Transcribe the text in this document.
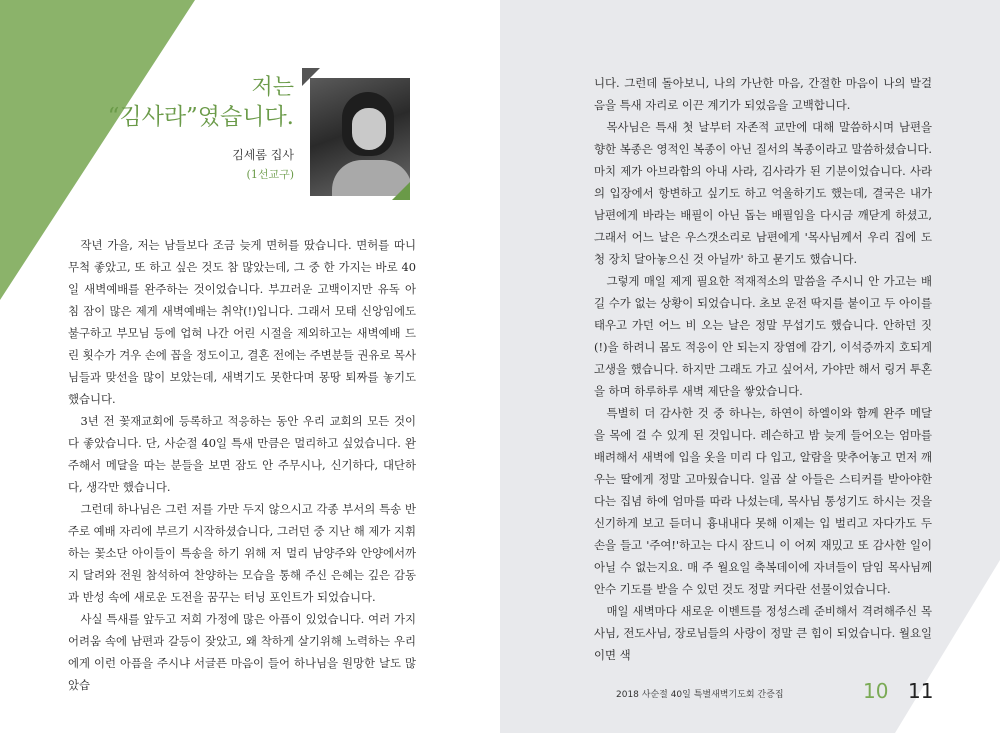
저는
“김사라”였습니다.
김세롬 집사
(1선교구)

작년 가을, 저는 남들보다 조금 늦게 면허를 땄습니다. 면허를 따니 무척 좋았고, 또 하고 싶은 것도 참 많았는데, 그 중 한 가지는 바로 40일 새벽예배를 완주하는 것이었습니다. 부끄러운 고백이지만 유독 아침 잠이 많은 제게 새벽예배는 취약(!)입니다. 그래서 모태 신앙임에도 불구하고 부모님 등에 업혀 나간 어린 시절을 제외하고는 새벽예배 드린 횟수가 겨우 손에 꼽을 정도이고, 결혼 전에는 주변분들 권유로 목사님들과 맞선을 많이 보았는데, 새벽기도 못한다며 몽땅 퇴짜를 놓기도 했습니다.

3년 전 꽃재교회에 등록하고 적응하는 동안 우리 교회의 모든 것이 다 좋았습니다. 단, 사순절 40일 특새 만큼은 멀리하고 싶었습니다. 완주해서 메달을 따는 분들을 보면 잠도 안 주무시나, 신기하다, 대단하다, 생각만 했습니다.

그런데 하나님은 그런 저를 가만 두지 않으시고 각종 부서의 특송 반주로 예배 자리에 부르기 시작하셨습니다, 그러던 중 지난 해 제가 지휘하는 꽃소단 아이들이 특송을 하기 위해 저 멀리 남양주와 안양에서까지 달려와 전원 참석하여 찬양하는 모습을 통해 주신 은혜는 깊은 감동과 반성 속에 새로운 도전을 꿈꾸는 터닝 포인트가 되었습니다.

사실 특새를 앞두고 저희 가정에 많은 아픔이 있었습니다. 여러 가지 어려움 속에 남편과 갈등이 잦았고, 왜 착하게 살기위해 노력하는 우리에게 이런 아픔을 주시냐 서글픈 마음이 들어 하나님을 원망한 날도 많았습

니다. 그런데 돌아보니, 나의 가난한 마음, 간절한 마음이 나의 발걸음을 특새 자리로 이끈 계기가 되었음을 고백합니다.

목사님은 특새 첫 날부터 자존적 교만에 대해 말씀하시며 남편을 향한 복종은 영적인 복종이 아닌 질서의 복종이라고 말씀하셨습니다. 마치 제가 아브라함의 아내 사라, 김사라가 된 기분이었습니다. 사라의 입장에서 항변하고 싶기도 하고 억울하기도 했는데, 결국은 내가 남편에게 바라는 배필이 아닌 돕는 배필임을 다시금 깨닫게 하셨고, 그래서 어느 날은 우스갯소리로 남편에게 '목사님께서 우리 집에 도청 장치 달아놓으신 것 아닐까' 하고 묻기도 했습니다.

그렇게 매일 제게 필요한 적재적소의 말씀을 주시니 안 가고는 배길 수가 없는 상황이 되었습니다. 초보 운전 딱지를 붙이고 두 아이를 태우고 가던 어느 비 오는 날은 정말 무섭기도 했습니다. 안하던 짓(!)을 하려니 몸도 적응이 안 되는지 장염에 감기, 이석증까지 호되게 고생을 했습니다. 하지만 그래도 가고 싶어서, 가야만 해서 링거 투혼을 하며 하루하루 새벽 제단을 쌓았습니다.

특별히 더 감사한 것 중 하나는, 하연이 하엘이와 함께 완주 메달을 목에 걸 수 있게 된 것입니다. 레슨하고 밤 늦게 들어오는 엄마를 배려해서 새벽에 입을 옷을 미리 다 입고, 알람을 맞추어놓고 먼저 깨우는 딸에게 정말 고마웠습니다. 일곱 살 아들은 스티커를 받아야한다는 집념 하에 엄마를 따라 나섰는데, 목사님 통성기도 하시는 것을 신기하게 보고 듣더니 흉내내다 못해 이제는 입 벌리고 자다가도 두 손을 들고 '주여!'하고는 다시 잠드니 이 어찌 재밌고 또 감사한 일이 아닐 수 없는지요. 매 주 월요일 축복데이에 자녀들이 담임 목사님께 안수 기도를 받을 수 있던 것도 정말 커다란 선물이었습니다.

매일 새벽마다 새로운 이벤트를 정성스레 준비해서 격려해주신 목사님, 전도사님, 장로님들의 사랑이 정말 큰 힘이 되었습니다. 월요일이면 색

2018 사순절 40일 특별새벽기도회 간증집	10 11
